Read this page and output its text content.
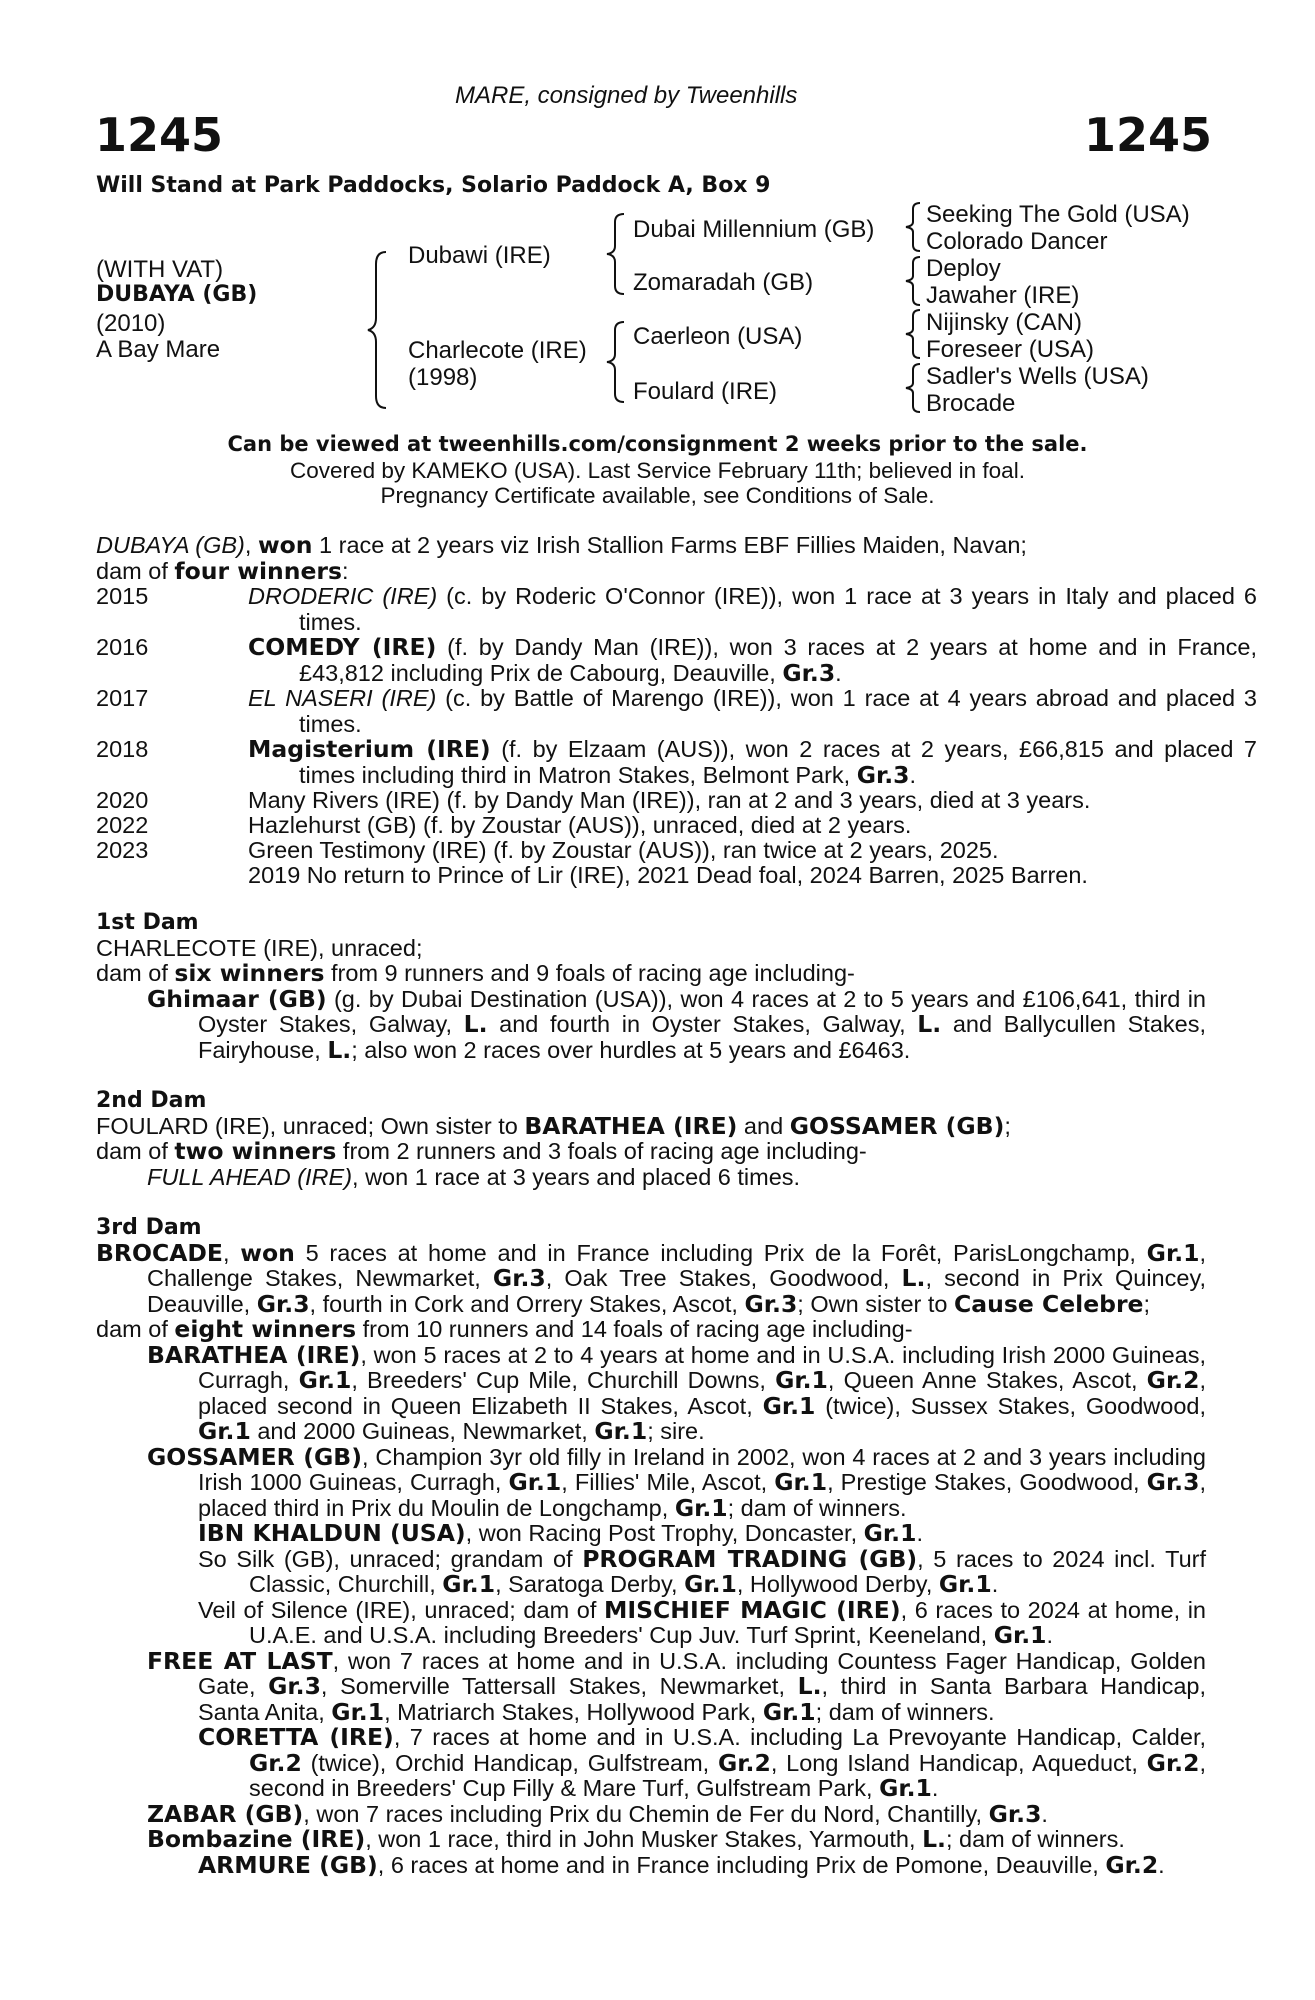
MARE, consigned by Tweenhills
1245	1245
Will Stand at Park Paddocks, Solario Paddock A, Box 9
(WITH VAT)
DUBAYA (GB)
(2010)
A Bay Mare
Dubawi (IRE)
Charlecote (IRE)
(1998)
Dubai Millennium (GB)
Zomaradah (GB)
Caerleon (USA)
Foulard (IRE)
Seeking The Gold (USA)
Colorado Dancer
Deploy
Jawaher (IRE)
Nijinsky (CAN)
Foreseer (USA)
Sadler's Wells (USA)
Brocade
Can be viewed at tweenhills.com/consignment 2 weeks prior to the sale.
Covered by KAMEKO (USA). Last Service February 11th; believed in foal.
Pregnancy Certificate available, see Conditions of Sale.
DUBAYA (GB), won 1 race at 2 years viz Irish Stallion Farms EBF Fillies Maiden, Navan;
dam of four winners:
2015	DRODERIC (IRE) (c. by Roderic O'Connor (IRE)), won 1 race at 3 years in Italy and placed 6 times.
2016	COMEDY (IRE) (f. by Dandy Man (IRE)), won 3 races at 2 years at home and in France, £43,812 including Prix de Cabourg, Deauville, Gr.3.
2017	EL NASERI (IRE) (c. by Battle of Marengo (IRE)), won 1 race at 4 years abroad and placed 3 times.
2018	Magisterium (IRE) (f. by Elzaam (AUS)), won 2 races at 2 years, £66,815 and placed 7 times including third in Matron Stakes, Belmont Park, Gr.3.
2020	Many Rivers (IRE) (f. by Dandy Man (IRE)), ran at 2 and 3 years, died at 3 years.
2022	Hazlehurst (GB) (f. by Zoustar (AUS)), unraced, died at 2 years.
2023	Green Testimony (IRE) (f. by Zoustar (AUS)), ran twice at 2 years, 2025.
2019 No return to Prince of Lir (IRE), 2021 Dead foal, 2024 Barren, 2025 Barren.
1st Dam
CHARLECOTE (IRE), unraced;
dam of six winners from 9 runners and 9 foals of racing age including-
Ghimaar (GB) (g. by Dubai Destination (USA)), won 4 races at 2 to 5 years and £106,641, third in Oyster Stakes, Galway, L. and fourth in Oyster Stakes, Galway, L. and Ballycullen Stakes, Fairyhouse, L.; also won 2 races over hurdles at 5 years and £6463.
2nd Dam
FOULARD (IRE), unraced; Own sister to BARATHEA (IRE) and GOSSAMER (GB);
dam of two winners from 2 runners and 3 foals of racing age including-
FULL AHEAD (IRE), won 1 race at 3 years and placed 6 times.
3rd Dam
BROCADE, won 5 races at home and in France including Prix de la Forêt, ParisLongchamp, Gr.1, Challenge Stakes, Newmarket, Gr.3, Oak Tree Stakes, Goodwood, L., second in Prix Quincey, Deauville, Gr.3, fourth in Cork and Orrery Stakes, Ascot, Gr.3; Own sister to Cause Celebre;
dam of eight winners from 10 runners and 14 foals of racing age including-
BARATHEA (IRE), won 5 races at 2 to 4 years at home and in U.S.A. including Irish 2000 Guineas, Curragh, Gr.1, Breeders' Cup Mile, Churchill Downs, Gr.1, Queen Anne Stakes, Ascot, Gr.2, placed second in Queen Elizabeth II Stakes, Ascot, Gr.1 (twice), Sussex Stakes, Goodwood, Gr.1 and 2000 Guineas, Newmarket, Gr.1; sire.
GOSSAMER (GB), Champion 3yr old filly in Ireland in 2002, won 4 races at 2 and 3 years including Irish 1000 Guineas, Curragh, Gr.1, Fillies' Mile, Ascot, Gr.1, Prestige Stakes, Goodwood, Gr.3, placed third in Prix du Moulin de Longchamp, Gr.1; dam of winners.
IBN KHALDUN (USA), won Racing Post Trophy, Doncaster, Gr.1.
So Silk (GB), unraced; grandam of PROGRAM TRADING (GB), 5 races to 2024 incl. Turf Classic, Churchill, Gr.1, Saratoga Derby, Gr.1, Hollywood Derby, Gr.1.
Veil of Silence (IRE), unraced; dam of MISCHIEF MAGIC (IRE), 6 races to 2024 at home, in U.A.E. and U.S.A. including Breeders' Cup Juv. Turf Sprint, Keeneland, Gr.1.
FREE AT LAST, won 7 races at home and in U.S.A. including Countess Fager Handicap, Golden Gate, Gr.3, Somerville Tattersall Stakes, Newmarket, L., third in Santa Barbara Handicap, Santa Anita, Gr.1, Matriarch Stakes, Hollywood Park, Gr.1; dam of winners.
CORETTA (IRE), 7 races at home and in U.S.A. including La Prevoyante Handicap, Calder, Gr.2 (twice), Orchid Handicap, Gulfstream, Gr.2, Long Island Handicap, Aqueduct, Gr.2, second in Breeders' Cup Filly & Mare Turf, Gulfstream Park, Gr.1.
ZABAR (GB), won 7 races including Prix du Chemin de Fer du Nord, Chantilly, Gr.3.
Bombazine (IRE), won 1 race, third in John Musker Stakes, Yarmouth, L.; dam of winners.
ARMURE (GB), 6 races at home and in France including Prix de Pomone, Deauville, Gr.2.
